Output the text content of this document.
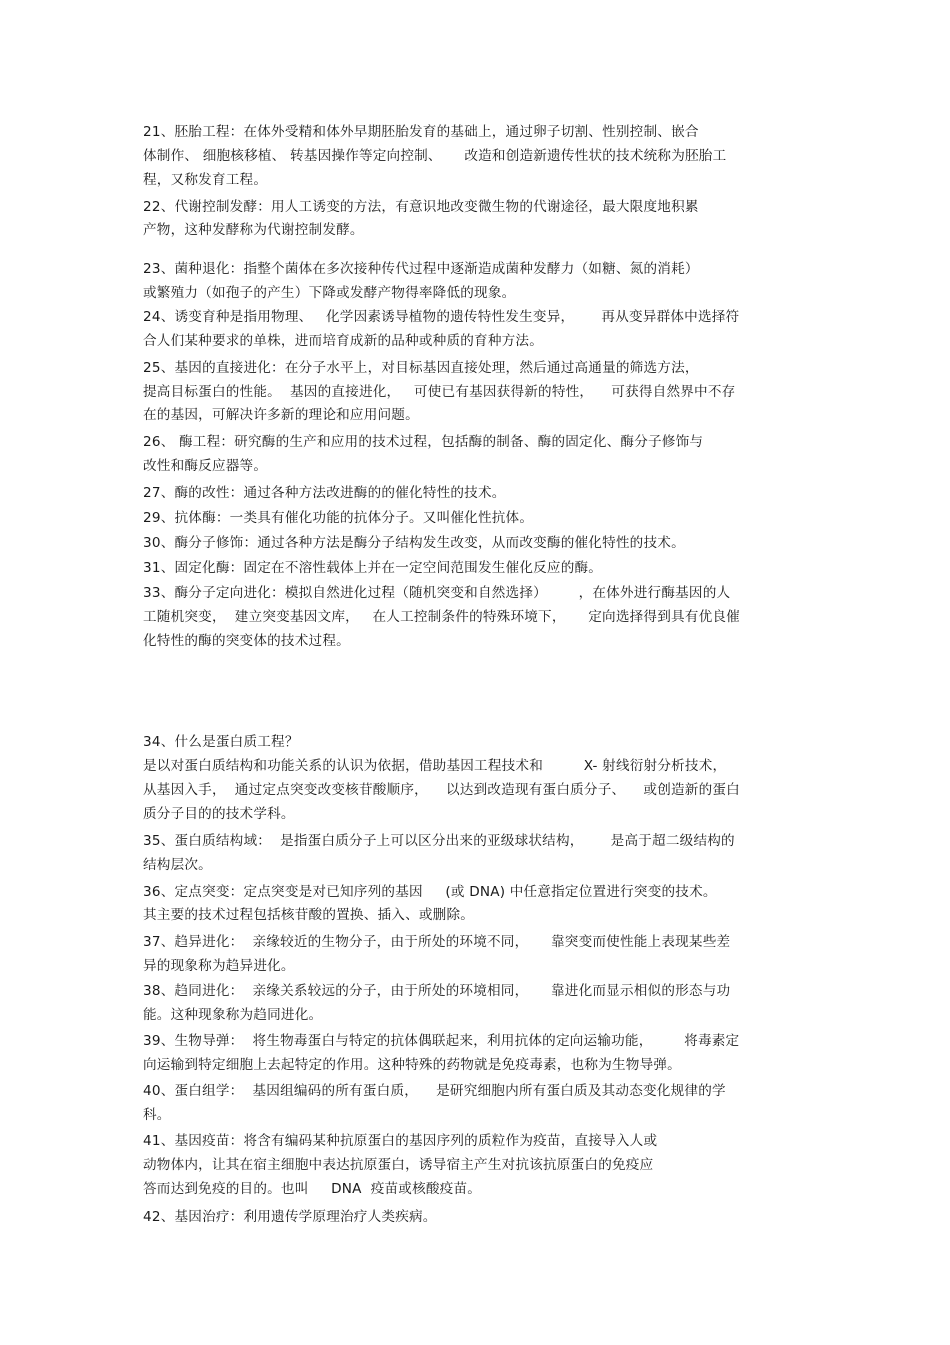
21、胚胎工程：在体外受精和体外早期胚胎发育的基础上，通过卵子切割、性别控制、嵌合
体制作、 细胞核移植、 转基因操作等定向控制、     改造和创造新遗传性状的技术统称为胚胎工
程，又称发育工程。
22、代谢控制发酵：用人工诱变的方法，有意识地改变微生物的代谢途径，最大限度地积累
产物，这种发酵称为代谢控制发酵。
23、菌种退化：指整个菌体在多次接种传代过程中逐渐造成菌种发酵力（如糖、氮的消耗）
或繁殖力（如孢子的产生）下降或发酵产物得率降低的现象。
24、诱变育种是指用物理、   化学因素诱导植物的遗传特性发生变异，      再从变异群体中选择符
合人们某种要求的单株，进而培育成新的品种或种质的育种方法。
25、基因的直接进化：在分子水平上，对目标基因直接处理，然后通过高通量的筛选方法，
提高目标蛋白的性能。  基因的直接进化，   可使已有基因获得新的特性，    可获得自然界中不存
在的基因，可解决许多新的理论和应用问题。
26、 酶工程：研究酶的生产和应用的技术过程，包括酶的制备、酶的固定化、酶分子修饰与
改性和酶反应器等。
27、酶的改性：通过各种方法改进酶的的催化特性的技术。
29、抗体酶：一类具有催化功能的抗体分子。又叫催化性抗体。
30、酶分子修饰：通过各种方法是酶分子结构发生改变，从而改变酶的催化特性的技术。
31、固定化酶：固定在不溶性载体上并在一定空间范围发生催化反应的酶。
33、酶分子定向进化：模拟自然进化过程（随机突变和自然选择）       ，在体外进行酶基因的人
工随机突变，  建立突变基因文库，   在人工控制条件的特殊环境下，     定向选择得到具有优良催
化特性的酶的突变体的技术过程。
34、什么是蛋白质工程？
是以对蛋白质结构和功能关系的认识为依据，借助基因工程技术和         X- 射线衍射分析技术，
从基因入手，  通过定点突变改变核苷酸顺序，    以达到改造现有蛋白质分子、    或创造新的蛋白
质分子目的的技术学科。
35、蛋白质结构域：  是指蛋白质分子上可以区分出来的亚级球状结构，      是高于超二级结构的
结构层次。
36、定点突变：定点突变是对已知序列的基因     (或 DNA) 中任意指定位置进行突变的技术。
其主要的技术过程包括核苷酸的置换、插入、或删除。
37、趋异进化：  亲缘较近的生物分子，由于所处的环境不同，     靠突变而使性能上表现某些差
异的现象称为趋异进化。
38、趋同进化：  亲缘关系较远的分子，由于所处的环境相同，     靠进化而显示相似的形态与功
能。这种现象称为趋同进化。
39、生物导弹：  将生物毒蛋白与特定的抗体偶联起来，利用抗体的定向运输功能，       将毒素定
向运输到特定细胞上去起特定的作用。这种特殊的药物就是免疫毒素，也称为生物导弹。
40、蛋白组学：  基因组编码的所有蛋白质，    是研究细胞内所有蛋白质及其动态变化规律的学
科。
41、基因疫苗：将含有编码某种抗原蛋白的基因序列的质粒作为疫苗，直接导入人或
动物体内，让其在宿主细胞中表达抗原蛋白，诱导宿主产生对抗该抗原蛋白的免疫应
答而达到免疫的目的。也叫     DNA  疫苗或核酸疫苗。
42、基因治疗：利用遗传学原理治疗人类疾病。
